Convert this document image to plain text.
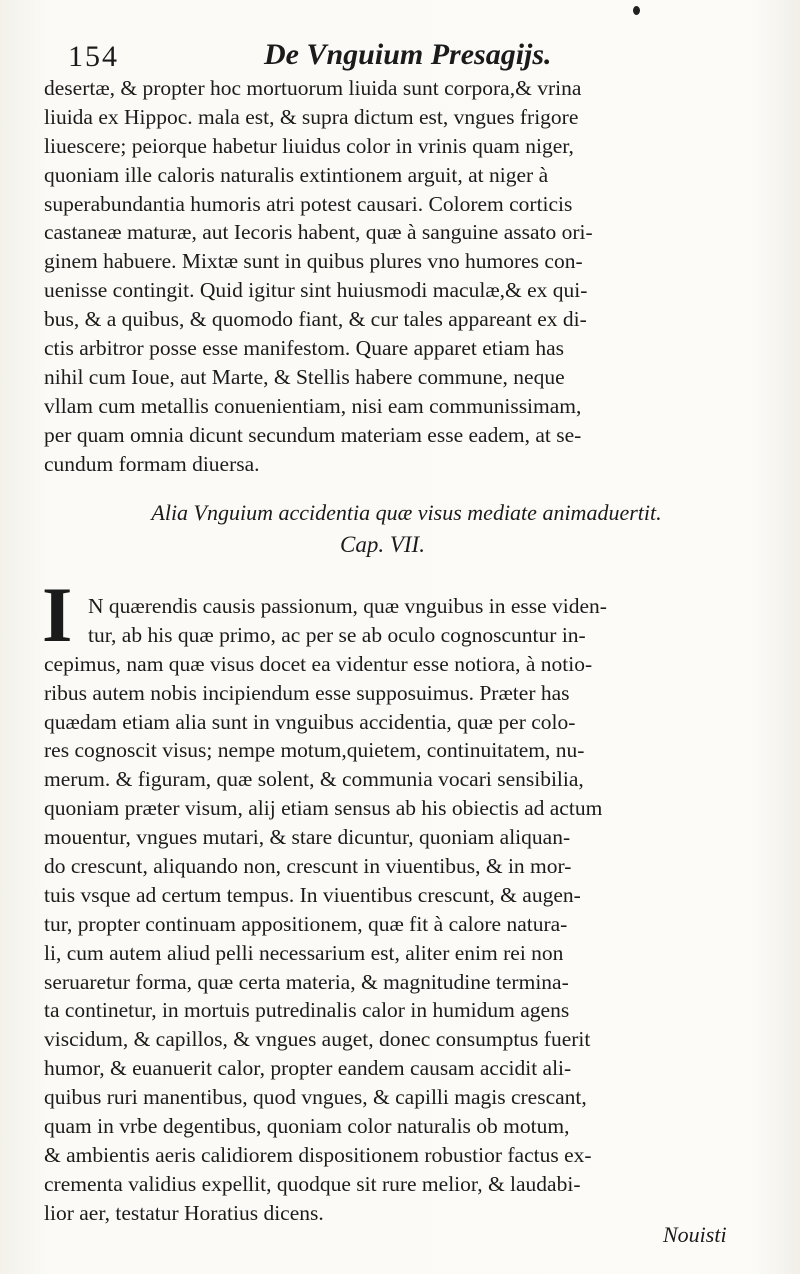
154	De Vnguium Presagijs.
desertæ, & propter hoc mortuorum liuida sunt corpora,& vrina
liuida ex Hippoc. mala est, & supra dictum est, vngues frigore
liuescere; peiorque habetur liuidus color in vrinis quam niger,
quoniam ille caloris naturalis extintionem arguit, at niger à
superabundantia humoris atri potest causari. Colorem corticis
castaneæ maturæ, aut Iecoris habent, quæ à sanguine assato ori-
ginem habuere. Mixtæ sunt in quibus plures vno humores con-
uenisse contingit. Quid igitur sint huiusmodi maculæ,& ex qui-
bus, & a quibus, & quomodo fiant, & cur tales appareant ex di-
ctis arbitror posse esse manifestom. Quare apparet etiam has
nihil cum Ioue, aut Marte, & Stellis habere commune, neque
vllam cum metallis conuenientiam, nisi eam communissimam,
per quam omnia dicunt secundum materiam esse eadem, at se-
cundum formam diuersa.
Alia Vnguium accidentia quæ visus mediate animaduertit.
Cap. VII.
I N quærendis causis passionum, quæ vnguibus in esse viden-
tur, ab his quæ primo, ac per se ab oculo cognoscuntur in-
cepimus, nam quæ visus docet ea videntur esse notiora, à notio-
ribus autem nobis incipiendum esse supposuimus. Præter has
quædam etiam alia sunt in vnguibus accidentia, quæ per colo-
res cognoscit visus; nempe motum,quietem, continuitatem, nu-
merum. & figuram, quæ solent, & communia vocari sensibilia,
quoniam præter visum, alij etiam sensus ab his obiectis ad actum
mouentur, vngues mutari, & stare dicuntur, quoniam aliquan-
do crescunt, aliquando non, crescunt in viuentibus, & in mor-
tuis vsque ad certum tempus. In viuentibus crescunt, & augen-
tur, propter continuam appositionem, quæ fit à calore natura-
li, cum autem aliud pelli necessarium est, aliter enim rei non
seruaretur forma, quæ certa materia, & magnitudine termina-
ta continetur, in mortuis putredinalis calor in humidum agens
viscidum, & capillos, & vngues auget, donec consumptus fuerit
humor, & euanuerit calor, propter eandem causam accidit ali-
quibus ruri manentibus, quod vngues, & capilli magis crescant,
quam in vrbe degentibus, quoniam color naturalis ob motum,
& ambientis aeris calidiorem dispositionem robustior factus ex-
crementa validius expellit, quodque sit rure melior, & laudabi-
lior aer, testatur Horatius dicens.
Nouisti
